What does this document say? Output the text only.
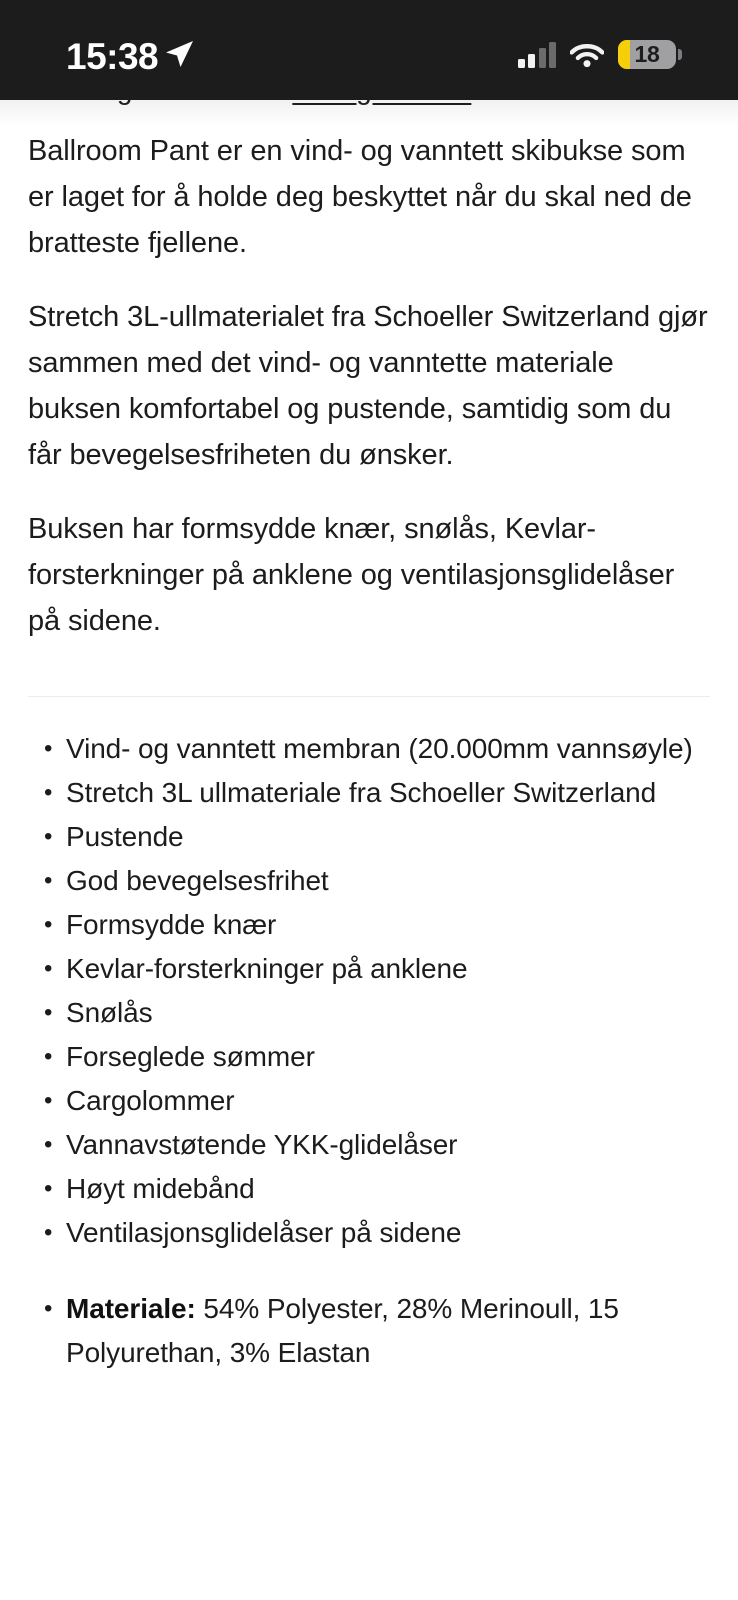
15:38	18

Ballroom Pant er en vind- og vanntett skibukse som er laget for å holde deg beskyttet når du skal ned de bratteste fjellene.

Stretch 3L-ullmaterialet fra Schoeller Switzerland gjør sammen med det vind- og vanntette materiale buksen komfortabel og pustende, samtidig som du får bevegelsesfriheten du ønsker.

Buksen har formsydde knær, snølås, Kevlar-forsterkninger på anklene og ventilasjonsglidelåser på sidene.

• Vind- og vanntett membran (20.000mm vannsøyle)
• Stretch 3L ullmateriale fra Schoeller Switzerland
• Pustende
• God bevegelsesfrihet
• Formsydde knær
• Kevlar-forsterkninger på anklene
• Snølås
• Forseglede sømmer
• Cargolommer
• Vannavstøtende YKK-glidelåser
• Høyt midebånd
• Ventilasjonsglidelåser på sidene
• Materiale: 54% Polyester, 28% Merinoull, 15 Polyurethan, 3% Elastan
